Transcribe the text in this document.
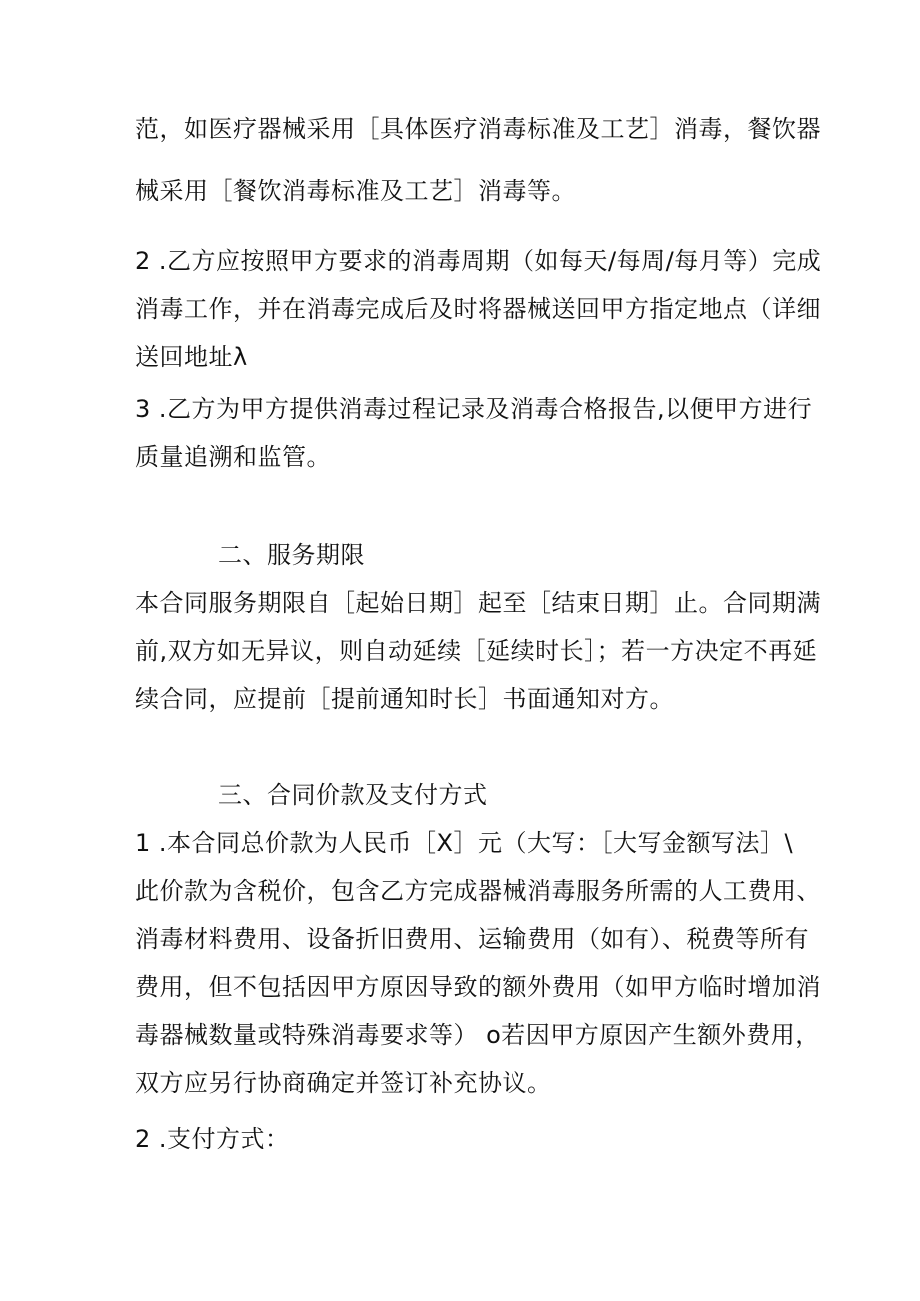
范，如医疗器械采用［具体医疗消毒标准及工艺］消毒，餐饮器
械采用［餐饮消毒标准及工艺］消毒等。
2 .乙方应按照甲方要求的消毒周期（如每天/每周/每月等）完成
消毒工作，并在消毒完成后及时将器械送回甲方指定地点（详细
送回地址λ
3 .乙方为甲方提供消毒过程记录及消毒合格报告,以便甲方进行
质量追溯和监管。
二、服务期限
本合同服务期限自［起始日期］起至［结束日期］止。合同期满
前,双方如无异议，则自动延续［延续时长］；若一方决定不再延
续合同，应提前［提前通知时长］书面通知对方。
三、合同价款及支付方式
1 .本合同总价款为人民币［X］元（大写：［大写金额写法］\
此价款为含税价，包含乙方完成器械消毒服务所需的人工费用、
消毒材料费用、设备折旧费用、运输费用（如有）、税费等所有
费用，但不包括因甲方原因导致的额外费用（如甲方临时增加消
毒器械数量或特殊消毒要求等） o若因甲方原因产生额外费用，
双方应另行协商确定并签订补充协议。
2 .支付方式：
